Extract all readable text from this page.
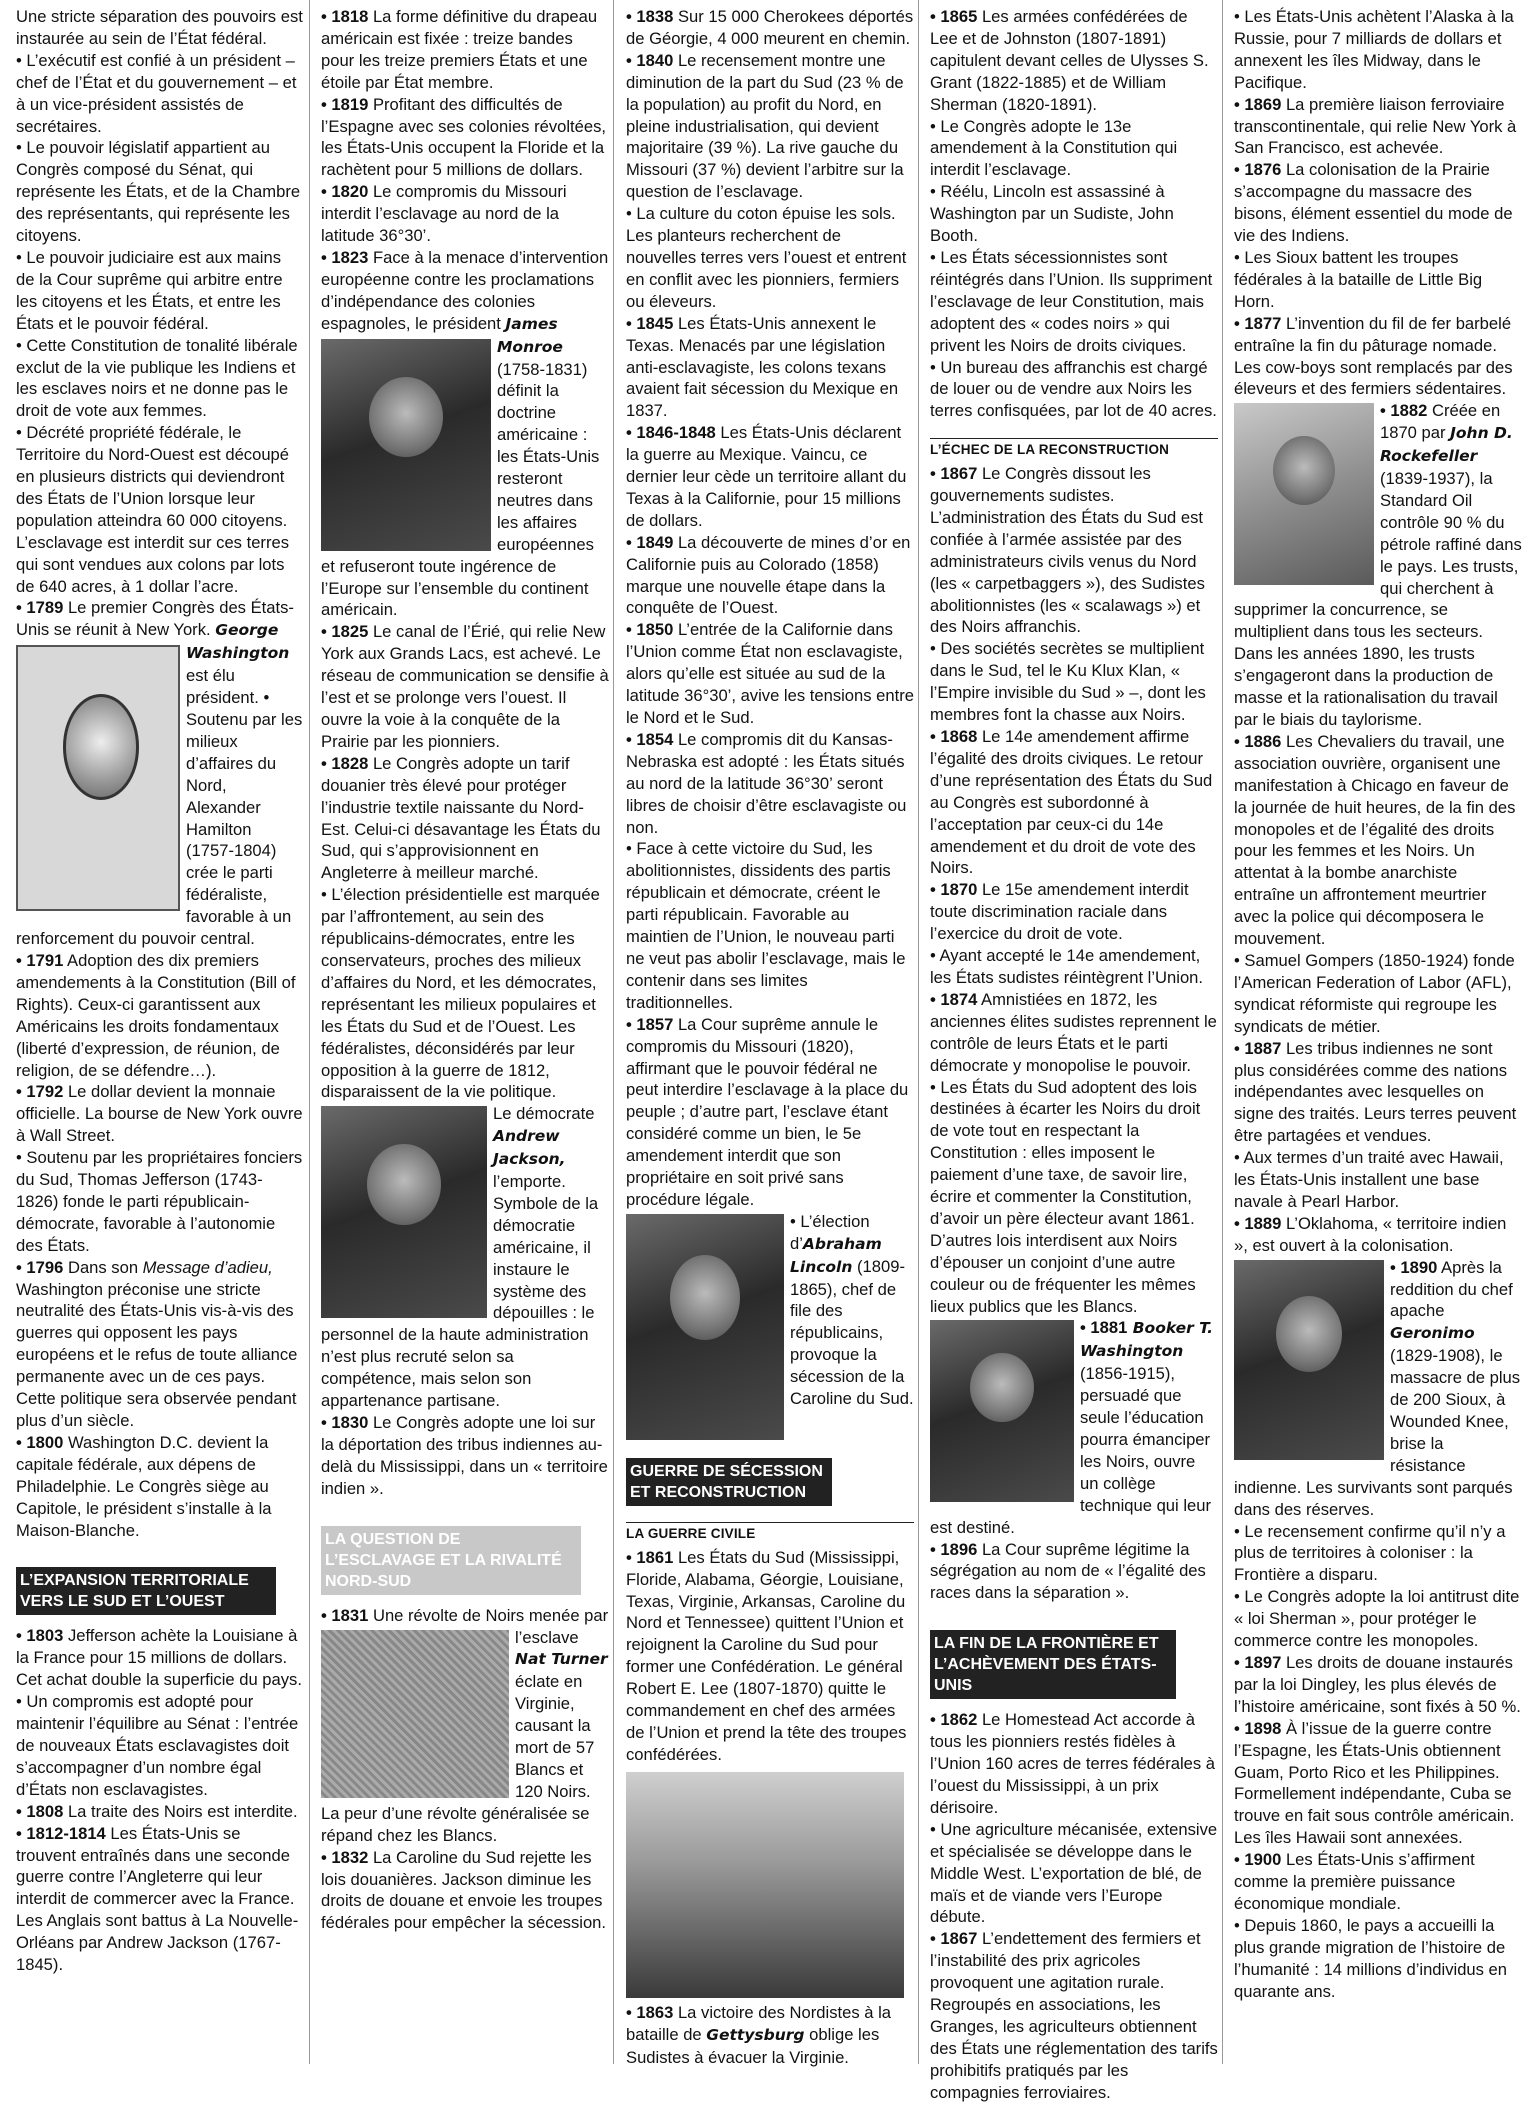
Une stricte séparation des pouvoirs est instaurée au sein de l’État fédéral.
• L’exécutif est confié à un président – chef de l’État et du gouvernement – et à un vice-président assistés de secrétaires.
• Le pouvoir législatif appartient au Congrès composé du Sénat, qui représente les États, et de la Chambre des représentants, qui représente les citoyens.
• Le pouvoir judiciaire est aux mains de la Cour suprême qui arbitre entre les citoyens et les États, et entre les États et le pouvoir fédéral.
• Cette Constitution de tonalité libérale exclut de la vie publique les Indiens et les esclaves noirs et ne donne pas le droit de vote aux femmes.
• Décrété propriété fédérale, le Territoire du Nord-Ouest est découpé en plusieurs districts qui deviendront des États de l’Union lorsque leur population atteindra 60 000 citoyens. L’esclavage est interdit sur ces terres qui sont vendues aux colons par lots de 640 acres, à 1 dollar l’acre.
• 1789 Le premier Congrès des États-Unis se réunit à New York.
George Washington est élu président. • Soutenu par les milieux d’affaires du Nord, Alexander Hamilton (1757-1804) crée le parti fédéraliste, favorable à un renforcement du pouvoir central.
• 1791 Adoption des dix premiers amendements à la Constitution (Bill of Rights). Ceux-ci garantissent aux Américains les droits fondamentaux (liberté d’expression, de réunion, de religion, de se défendre…).
• 1792 Le dollar devient la monnaie officielle. La bourse de New York ouvre à Wall Street.
• Soutenu par les propriétaires fonciers du Sud, Thomas Jefferson (1743-1826) fonde le parti républicain-démocrate, favorable à l’autonomie des États.
• 1796 Dans son Message d’adieu, Washington préconise une stricte neutralité des États-Unis vis-à-vis des guerres qui opposent les pays européens et le refus de toute alliance permanente avec un de ces pays. Cette politique sera observée pendant plus d’un siècle.
• 1800 Washington D.C. devient la capitale fédérale, aux dépens de Philadelphie. Le Congrès siège au Capitole, le président s’installe à la Maison-Blanche.
L’EXPANSION TERRITORIALE VERS LE SUD ET L’OUEST
• 1803 Jefferson achète la Louisiane à la France pour 15 millions de dollars. Cet achat double la superficie du pays.
• Un compromis est adopté pour maintenir l’équilibre au Sénat : l’entrée de nouveaux États esclavagistes doit s’accompagner d’un nombre égal d’États non esclavagistes.
• 1808 La traite des Noirs est interdite.
• 1812-1814 Les États-Unis se trouvent entraînés dans une seconde guerre contre l’Angleterre qui leur interdit de commercer avec la France. Les Anglais sont battus à La Nouvelle-Orléans par Andrew Jackson (1767-1845).
• 1818 La forme définitive du drapeau américain est fixée : treize bandes pour les treize premiers États et une étoile par État membre.
• 1819 Profitant des difficultés de l’Espagne avec ses colonies révoltées, les États-Unis occupent la Floride et la rachètent pour 5 millions de dollars.
• 1820 Le compromis du Missouri interdit l’esclavage au nord de la latitude 36°30’.
• 1823 Face à la menace d’intervention européenne contre les proclamations d’indépendance des colonies espagnoles, le président
James Monroe (1758-1831) définit la doctrine américaine : les États-Unis resteront neutres dans les affaires européennes et refuseront toute ingérence de l’Europe sur l’ensemble du continent américain.
• 1825 Le canal de l’Érié, qui relie New York aux Grands Lacs, est achevé. Le réseau de communication se densifie à l’est et se prolonge vers l’ouest. Il ouvre la voie à la conquête de la Prairie par les pionniers.
• 1828 Le Congrès adopte un tarif douanier très élevé pour protéger l’industrie textile naissante du Nord-Est. Celui-ci désavantage les États du Sud, qui s’approvisionnent en Angleterre à meilleur marché.
• L’élection présidentielle est marquée par l’affrontement, au sein des républicains-démocrates, entre les conservateurs, proches des milieux d’affaires du Nord, et les démocrates, représentant les milieux populaires et les États du Sud et de l’Ouest. Les fédéralistes, déconsidérés par leur opposition à la guerre de 1812, disparaissent de la vie politique.
Le démocrate Andrew Jackson, l’emporte. Symbole de la démocratie américaine, il instaure le système des dépouilles : le personnel de la haute administration n’est plus recruté selon sa compétence, mais selon son appartenance partisane.
• 1830 Le Congrès adopte une loi sur la déportation des tribus indiennes au-delà du Mississippi, dans un « territoire indien ».
LA QUESTION DE L’ESCLAVAGE ET LA RIVALITÉ NORD-SUD
• 1831 Une révolte de Noirs menée par l’esclave
Nat Turner éclate en Virginie, causant la mort de 57 Blancs et 120 Noirs. La peur d’une révolte généralisée se répand chez les Blancs.
• 1832 La Caroline du Sud rejette les lois douanières. Jackson diminue les droits de douane et envoie les troupes fédérales pour empêcher la sécession.
• 1838 Sur 15 000 Cherokees déportés de Géorgie, 4 000 meurent en chemin.
• 1840 Le recensement montre une diminution de la part du Sud (23 % de la population) au profit du Nord, en pleine industrialisation, qui devient majoritaire (39 %). La rive gauche du Missouri (37 %) devient l’arbitre sur la question de l’esclavage.
• La culture du coton épuise les sols. Les planteurs recherchent de nouvelles terres vers l’ouest et entrent en conflit avec les pionniers, fermiers ou éleveurs.
• 1845 Les États-Unis annexent le Texas. Menacés par une législation anti-esclavagiste, les colons texans avaient fait sécession du Mexique en 1837.
• 1846-1848 Les États-Unis déclarent la guerre au Mexique. Vaincu, ce dernier leur cède un territoire allant du Texas à la Californie, pour 15 millions de dollars.
• 1849 La découverte de mines d’or en Californie puis au Colorado (1858) marque une nouvelle étape dans la conquête de l’Ouest.
• 1850 L’entrée de la Californie dans l’Union comme État non esclavagiste, alors qu’elle est située au sud de la latitude 36°30’, avive les tensions entre le Nord et le Sud.
• 1854 Le compromis dit du Kansas-Nebraska est adopté : les États situés au nord de la latitude 36°30’ seront libres de choisir d’être esclavagiste ou non.
• Face à cette victoire du Sud, les abolitionnistes, dissidents des partis républicain et démocrate, créent le parti républicain. Favorable au maintien de l’Union, le nouveau parti ne veut pas abolir l’esclavage, mais le contenir dans ses limites traditionnelles.
• 1857 La Cour suprême annule le compromis du Missouri (1820), affirmant que le pouvoir fédéral ne peut interdire l’esclavage à la place du peuple ; d’autre part, l’esclave étant considéré comme un bien, le 5e amendement interdit que son propriétaire en soit privé sans procédure légale.
• L’élection d’Abraham Lincoln (1809-1865), chef de file des républicains, provoque la sécession de la Caroline du Sud.
GUERRE DE SÉCESSION ET RECONSTRUCTION
LA GUERRE CIVILE
• 1861 Les États du Sud (Mississippi, Floride, Alabama, Géorgie, Louisiane, Texas, Virginie, Arkansas, Caroline du Nord et Tennessee) quittent l’Union et rejoignent la Caroline du Sud pour former une Confédération. Le général Robert E. Lee (1807-1870) quitte le commandement en chef des armées de l’Union et prend la tête des troupes confédérées.
• 1863 La victoire des Nordistes à la bataille de Gettysburg oblige les Sudistes à évacuer la Virginie.
• 1865 Les armées confédérées de Lee et de Johnston (1807-1891) capitulent devant celles de Ulysses S. Grant (1822-1885) et de William Sherman (1820-1891).
• Le Congrès adopte le 13e amendement à la Constitution qui interdit l’esclavage.
• Réélu, Lincoln est assassiné à Washington par un Sudiste, John Booth.
• Les États sécessionnistes sont réintégrés dans l’Union. Ils suppriment l’esclavage de leur Constitution, mais adoptent des « codes noirs » qui privent les Noirs de droits civiques.
• Un bureau des affranchis est chargé de louer ou de vendre aux Noirs les terres confisquées, par lot de 40 acres.
L’ÉCHEC DE LA RECONSTRUCTION
• 1867 Le Congrès dissout les gouvernements sudistes. L’administration des États du Sud est confiée à l’armée assistée par des administrateurs civils venus du Nord (les « carpetbaggers »), des Sudistes abolitionnistes (les « scalawags ») et des Noirs affranchis.
• Des sociétés secrètes se multiplient dans le Sud, tel le Ku Klux Klan, « l’Empire invisible du Sud » –, dont les membres font la chasse aux Noirs.
• 1868 Le 14e amendement affirme l’égalité des droits civiques. Le retour d’une représentation des États du Sud au Congrès est subordonné à l’acceptation par ceux-ci du 14e amendement et du droit de vote des Noirs.
• 1870 Le 15e amendement interdit toute discrimination raciale dans l’exercice du droit de vote.
• Ayant accepté le 14e amendement, les États sudistes réintègrent l’Union.
• 1874 Amnistiées en 1872, les anciennes élites sudistes reprennent le contrôle de leurs États et le parti démocrate y monopolise le pouvoir.
• Les États du Sud adoptent des lois destinées à écarter les Noirs du droit de vote tout en respectant la Constitution : elles imposent le paiement d’une taxe, de savoir lire, écrire et commenter la Constitution, d’avoir un père électeur avant 1861. D’autres lois interdisent aux Noirs d’épouser un conjoint d’une autre couleur ou de fréquenter les mêmes lieux publics que les Blancs.
• 1881 Booker T. Washington (1856-1915), persuadé que seule l’éducation pourra émanciper les Noirs, ouvre un collège technique qui leur est destiné.
• 1896 La Cour suprême légitime la ségrégation au nom de « l’égalité des races dans la séparation ».
LA FIN DE LA FRONTIÈRE ET L’ACHÈVEMENT DES ÉTATS-UNIS
• 1862 Le Homestead Act accorde à tous les pionniers restés fidèles à l’Union 160 acres de terres fédérales à l’ouest du Mississippi, à un prix dérisoire.
• Une agriculture mécanisée, extensive et spécialisée se développe dans le Middle West. L’exportation de blé, de maïs et de viande vers l’Europe débute.
• 1867 L’endettement des fermiers et l’instabilité des prix agricoles provoquent une agitation rurale. Regroupés en associations, les Granges, les agriculteurs obtiennent des États une réglementation des tarifs prohibitifs pratiqués par les compagnies ferroviaires.
• Les États-Unis achètent l’Alaska à la Russie, pour 7 milliards de dollars et annexent les îles Midway, dans le Pacifique.
• 1869 La première liaison ferroviaire transcontinentale, qui relie New York à San Francisco, est achevée.
• 1876 La colonisation de la Prairie s’accompagne du massacre des bisons, élément essentiel du mode de vie des Indiens.
• Les Sioux battent les troupes fédérales à la bataille de Little Big Horn.
• 1877 L’invention du fil de fer barbelé entraîne la fin du pâturage nomade. Les cow-boys sont remplacés par des éleveurs et des fermiers sédentaires.
• 1882 Créée en 1870 par John D. Rockefeller (1839-1937), la Standard Oil contrôle 90 % du pétrole raffiné dans le pays. Les trusts, qui cherchent à supprimer la concurrence, se multiplient dans tous les secteurs. Dans les années 1890, les trusts s’engageront dans la production de masse et la rationalisation du travail par le biais du taylorisme.
• 1886 Les Chevaliers du travail, une association ouvrière, organisent une manifestation à Chicago en faveur de la journée de huit heures, de la fin des monopoles et de l’égalité des droits pour les femmes et les Noirs. Un attentat à la bombe anarchiste entraîne un affrontement meurtrier avec la police qui décomposera le mouvement.
• Samuel Gompers (1850-1924) fonde l’American Federation of Labor (AFL), syndicat réformiste qui regroupe les syndicats de métier.
• 1887 Les tribus indiennes ne sont plus considérées comme des nations indépendantes avec lesquelles on signe des traités. Leurs terres peuvent être partagées et vendues.
• Aux termes d’un traité avec Hawaii, les États-Unis installent une base navale à Pearl Harbor.
• 1889 L’Oklahoma, « territoire indien », est ouvert à la colonisation.
• 1890 Après la reddition du chef apache Geronimo (1829-1908), le massacre de plus de 200 Sioux, à Wounded Knee, brise la résistance indienne. Les survivants sont parqués dans des réserves.
• Le recensement confirme qu’il n’y a plus de territoires à coloniser : la Frontière a disparu.
• Le Congrès adopte la loi antitrust dite « loi Sherman », pour protéger le commerce contre les monopoles.
• 1897 Les droits de douane instaurés par la loi Dingley, les plus élevés de l’histoire américaine, sont fixés à 50 %.
• 1898 À l’issue de la guerre contre l’Espagne, les États-Unis obtiennent Guam, Porto Rico et les Philippines. Formellement indépendante, Cuba se trouve en fait sous contrôle américain. Les îles Hawaii sont annexées.
• 1900 Les États-Unis s’affirment comme la première puissance économique mondiale.
• Depuis 1860, le pays a accueilli la plus grande migration de l’histoire de l’humanité : 14 millions d’individus en quarante ans.
